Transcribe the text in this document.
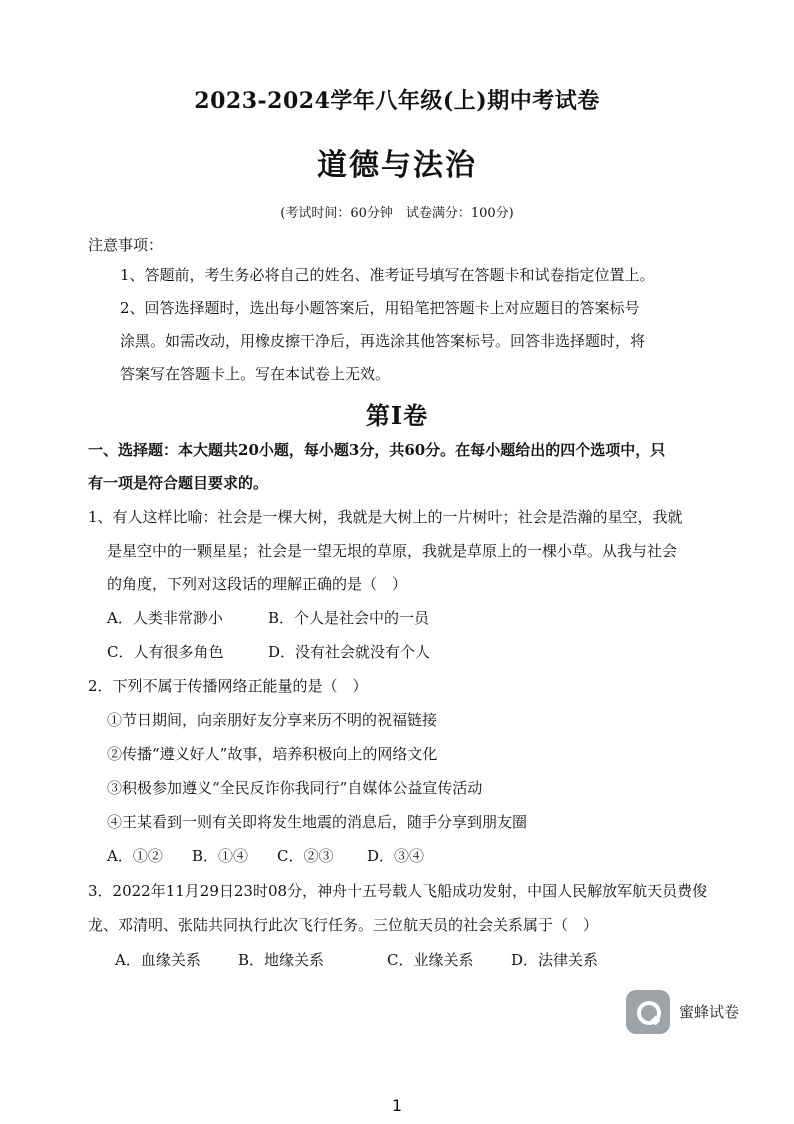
2023-2024学年八年级(上)期中考试卷
道德与法治
(考试时间：60分钟　试卷满分：100分)
注意事项：
1、答题前，考生务必将自己的姓名、准考证号填写在答题卡和试卷指定位置上。
2、回答选择题时，选出每小题答案后，用铅笔把答题卡上对应题目的答案标号
涂黑。如需改动，用橡皮擦干净后，再选涂其他答案标号。回答非选择题时，将
答案写在答题卡上。写在本试卷上无效。
第Ⅰ卷
一、选择题：本大题共20小题，每小题3分，共60分。在每小题给出的四个选项中，只
有一项是符合题目要求的。
1、有人这样比喻：社会是一棵大树，我就是大树上的一片树叶；社会是浩瀚的星空，我就
是星空中的一颗星星；社会是一望无垠的草原，我就是草原上的一棵小草。从我与社会
的角度，下列对这段话的理解正确的是（　）
A．人类非常渺小	B．个人是社会中的一员
C．人有很多角色	D．没有社会就没有个人
2．下列不属于传播网络正能量的是（　）
①节日期间，向亲朋好友分享来历不明的祝福链接
②传播“遵义好人”故事，培养积极向上的网络文化
③积极参加遵义“全民反诈你我同行”自媒体公益宣传活动
④王某看到一则有关即将发生地震的消息后，随手分享到朋友圈
A．①② B．①④ C．②③ D．③④
3．2022年11月29日23时08分，神舟十五号载人飞船成功发射，中国人民解放军航天员费俊
龙、邓清明、张陆共同执行此次飞行任务。三位航天员的社会关系属于（　）
A．血缘关系 B．地缘关系	C．业缘关系	D．法律关系
蜜蜂试卷
1
